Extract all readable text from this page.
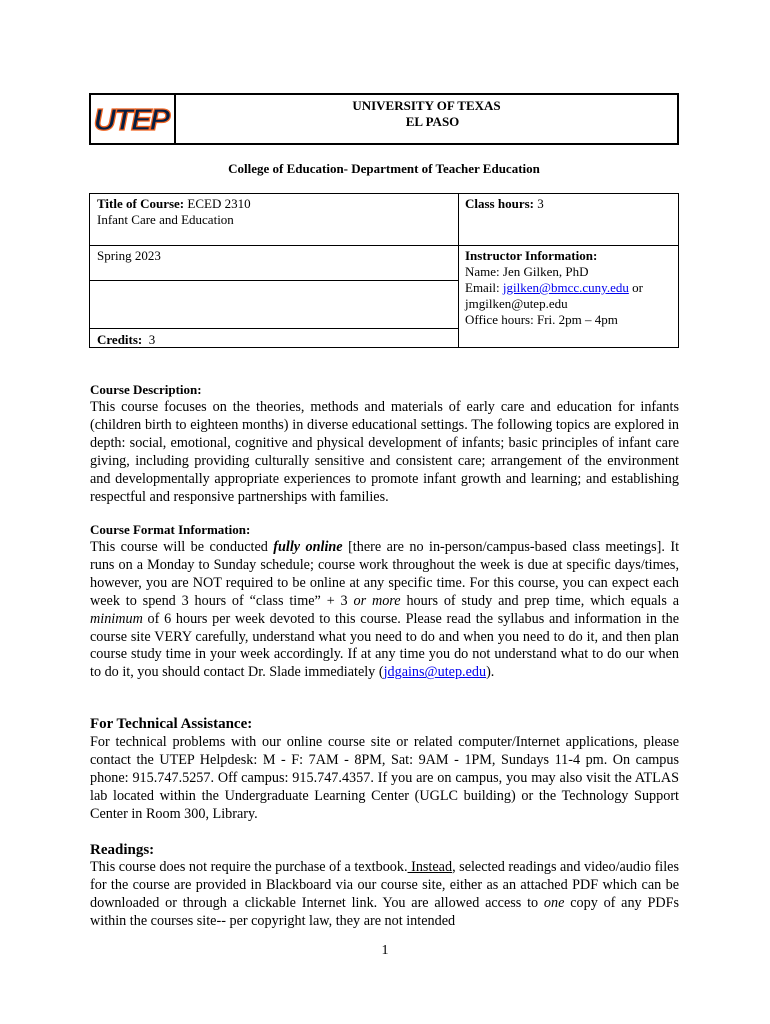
UTEP	UNIVERSITY OF TEXAS
EL PASO
College of Education- Department of Teacher Education
Title of Course: ECED 2310
Infant Care and Education
Class hours: 3
Spring 2023	Instructor Information:
Name: Jen Gilken, PhD
Email: jgilken@bmcc.cuny.edu or
jmgilken@utep.edu
Office hours: Fri. 2pm – 4pm
Credits: 3
Course Description:
This course focuses on the theories, methods and materials of early care and education for infants (children birth to eighteen months) in diverse educational settings. The following topics are explored in depth: social, emotional, cognitive and physical development of infants; basic principles of infant care giving, including providing culturally sensitive and consistent care; arrangement of the environment and developmentally appropriate experiences to promote infant growth and learning; and establishing respectful and responsive partnerships with families.
Course Format Information:
This course will be conducted fully online [there are no in-person/campus-based class meetings]. It runs on a Monday to Sunday schedule; course work throughout the week is due at specific days/times, however, you are NOT required to be online at any specific time. For this course, you can expect each week to spend 3 hours of “class time” + 3 or more hours of study and prep time, which equals a minimum of 6 hours per week devoted to this course. Please read the syllabus and information in the course site VERY carefully, understand what you need to do and when you need to do it, and then plan course study time in your week accordingly. If at any time you do not understand what to do our when to do it, you should contact Dr. Slade immediately (jdgains@utep.edu).
For Technical Assistance:
For technical problems with our online course site or related computer/Internet applications, please contact the UTEP Helpdesk: M - F: 7AM - 8PM, Sat: 9AM - 1PM, Sundays 11-4 pm. On campus phone: 915.747.5257. Off campus: 915.747.4357. If you are on campus, you may also visit the ATLAS lab located within the Undergraduate Learning Center (UGLC building) or the Technology Support Center in Room 300, Library.
Readings:
This course does not require the purchase of a textbook. Instead, selected readings and video/audio files for the course are provided in Blackboard via our course site, either as an attached PDF which can be downloaded or through a clickable Internet link. You are allowed access to one copy of any PDFs within the courses site-- per copyright law, they are not intended
1
